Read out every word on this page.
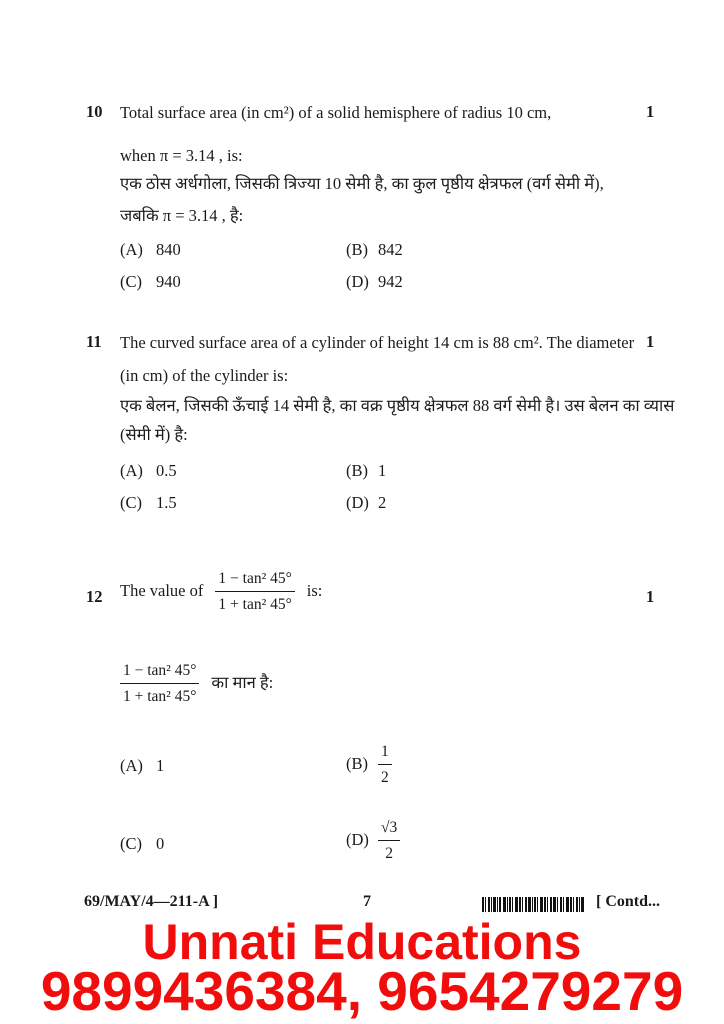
10	1
Total surface area (in cm²) of a solid hemisphere of radius 10 cm,
when π = 3.14 , is:
एक ठोस अर्धगोला, जिसकी त्रिज्या 10 सेमी है, का कुल पृष्ठीय क्षेत्रफल (वर्ग सेमी में),
जबकि π = 3.14 , है:
(A) 840	(B) 842
(C) 940	(D) 942
11	1
The curved surface area of a cylinder of height 14 cm is 88 cm². The diameter
(in cm) of the cylinder is:
एक बेलन, जिसकी ऊँचाई 14 सेमी है, का वक्र पृष्ठीय क्षेत्रफल 88 वर्ग सेमी है। उस बेलन का व्यास
(सेमी में) है:
(A) 0.5	(B) 1
(C) 1.5	(D) 2
12	1
The value of $\frac{\text{1 − tan² 45°}}{\text{1 + tan² 45°}}$ is:
$\frac{\text{1 − tan² 45°}}{\text{1 + tan² 45°}}$ का मान है:
(A) 1	$(B) \frac{1}{2}$
(C) 0	$(D) \frac{√3}{2}$
69/MAY/4—211-A ]	7	[ Contd...
Unnati Educations
9899436384, 9654279279
